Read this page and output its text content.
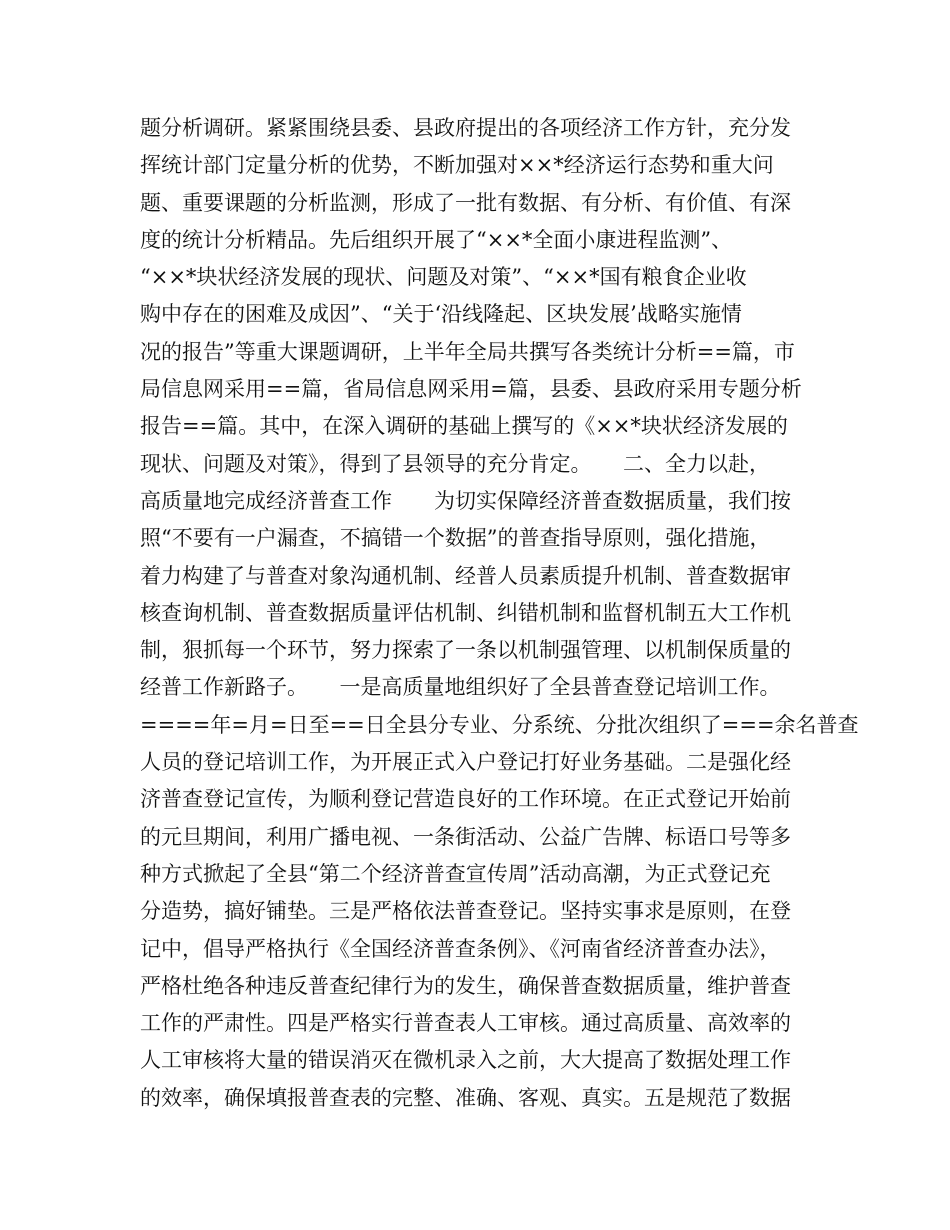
题分析调研。紧紧围绕县委、县政府提出的各项经济工作方针，充分发
挥统计部门定量分析的优势，不断加强对××*经济运行态势和重大问
题、重要课题的分析监测，形成了一批有数据、有分析、有价值、有深
度的统计分析精品。先后组织开展了“××*全面小康进程监测”、
“××*块状经济发展的现状、问题及对策”、“××*国有粮食企业收
购中存在的困难及成因”、“关于‘沿线隆起、区块发展’战略实施情
况的报告”等重大课题调研，上半年全局共撰写各类统计分析==篇，市
局信息网采用==篇，省局信息网采用=篇，县委、县政府采用专题分析
报告==篇。其中，在深入调研的基础上撰写的《××*块状经济发展的
现状、问题及对策》，得到了县领导的充分肯定。　　二、全力以赴，
高质量地完成经济普查工作　　为切实保障经济普查数据质量，我们按
照“不要有一户漏查，不搞错一个数据”的普查指导原则，强化措施，
着力构建了与普查对象沟通机制、经普人员素质提升机制、普查数据审
核查询机制、普查数据质量评估机制、纠错机制和监督机制五大工作机
制，狠抓每一个环节，努力探索了一条以机制强管理、以机制保质量的
经普工作新路子。　　一是高质量地组织好了全县普查登记培训工作。
====年=月=日至==日全县分专业、分系统、分批次组织了===余名普查
人员的登记培训工作，为开展正式入户登记打好业务基础。二是强化经
济普查登记宣传，为顺利登记营造良好的工作环境。在正式登记开始前
的元旦期间，利用广播电视、一条街活动、公益广告牌、标语口号等多
种方式掀起了全县“第二个经济普查宣传周”活动高潮，为正式登记充
分造势，搞好铺垫。三是严格依法普查登记。坚持实事求是原则，在登
记中，倡导严格执行《全国经济普查条例》、《河南省经济普查办法》，
严格杜绝各种违反普查纪律行为的发生，确保普查数据质量，维护普查
工作的严肃性。四是严格实行普查表人工审核。通过高质量、高效率的
人工审核将大量的错误消灭在微机录入之前，大大提高了数据处理工作
的效率，确保填报普查表的完整、准确、客观、真实。五是规范了数据
